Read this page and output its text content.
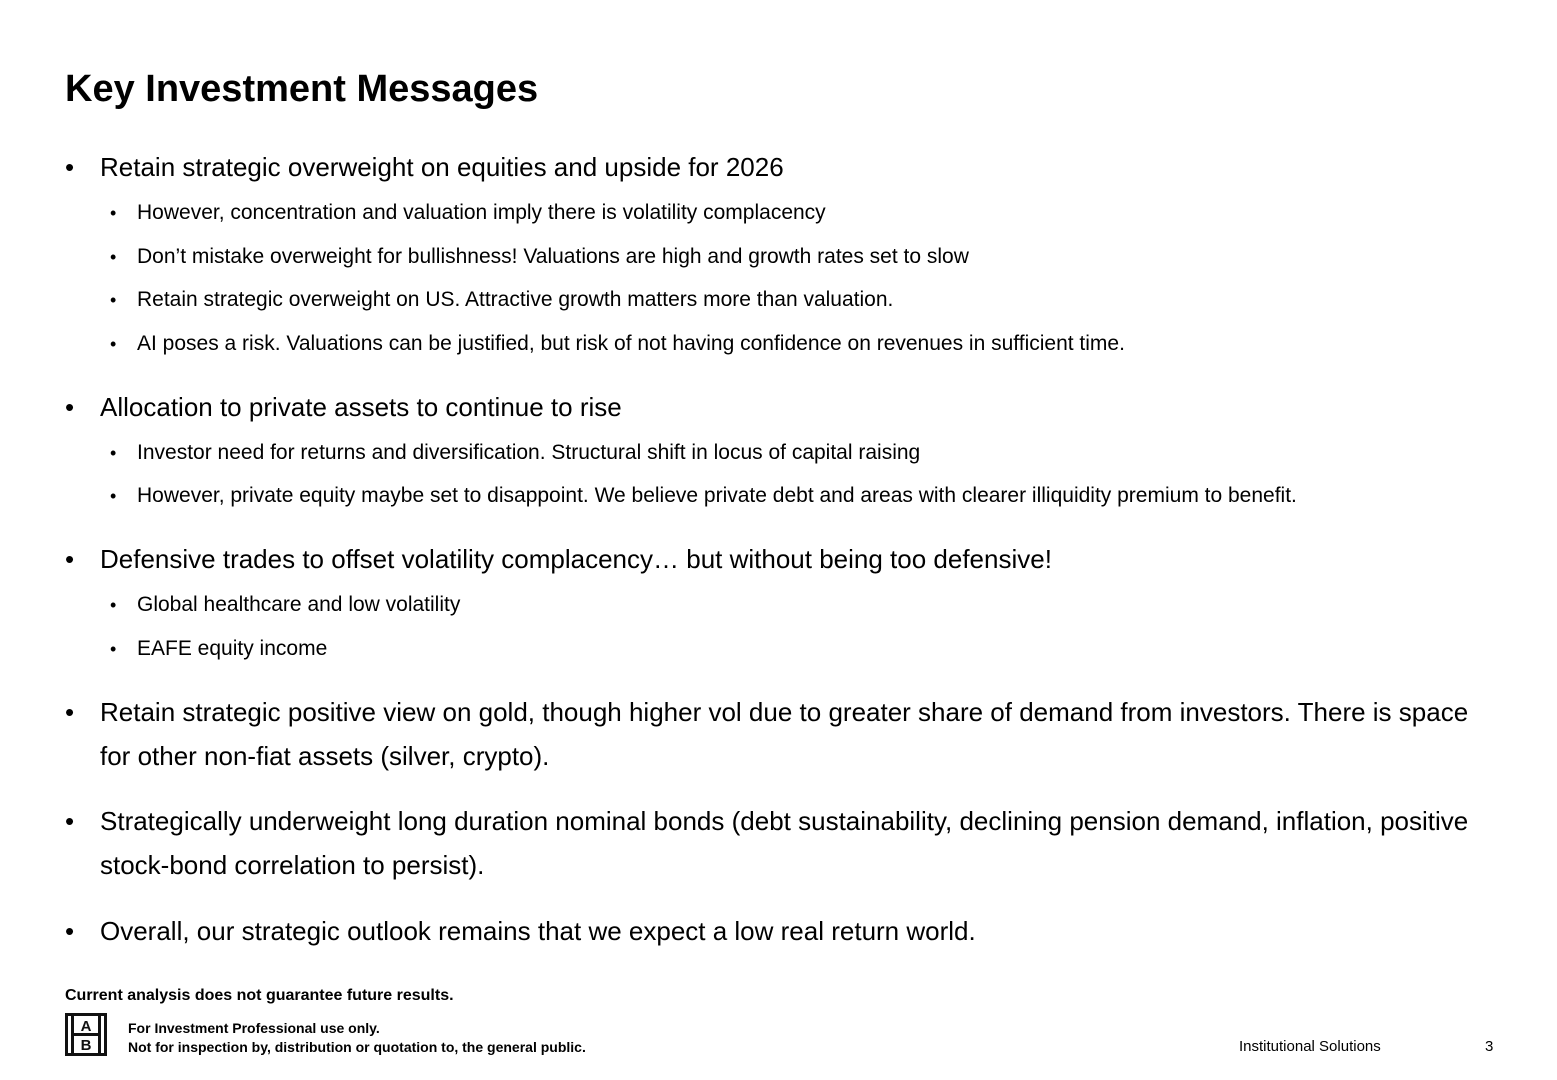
Key Investment Messages
• Retain strategic overweight on equities and upside for 2026
• However, concentration and valuation imply there is volatility complacency
• Don’t mistake overweight for bullishness! Valuations are high and growth rates set to slow
• Retain strategic overweight on US. Attractive growth matters more than valuation.
• AI poses a risk. Valuations can be justified, but risk of not having confidence on revenues in sufficient time.
• Allocation to private assets to continue to rise
• Investor need for returns and diversification. Structural shift in locus of capital raising
• However, private equity maybe set to disappoint. We believe private debt and areas with clearer illiquidity premium to benefit.
• Defensive trades to offset volatility complacency… but without being too defensive!
• Global healthcare and low volatility
• EAFE equity income
• Retain strategic positive view on gold, though higher vol due to greater share of demand from investors. There is space for other non-fiat assets (silver, crypto).
• Strategically underweight long duration nominal bonds (debt sustainability, declining pension demand, inflation, positive stock-bond correlation to persist).
• Overall, our strategic outlook remains that we expect a low real return world.
Current analysis does not guarantee future results.
A
B
For Investment Professional use only.
Not for inspection by, distribution or quotation to, the general public.	Institutional Solutions	3
